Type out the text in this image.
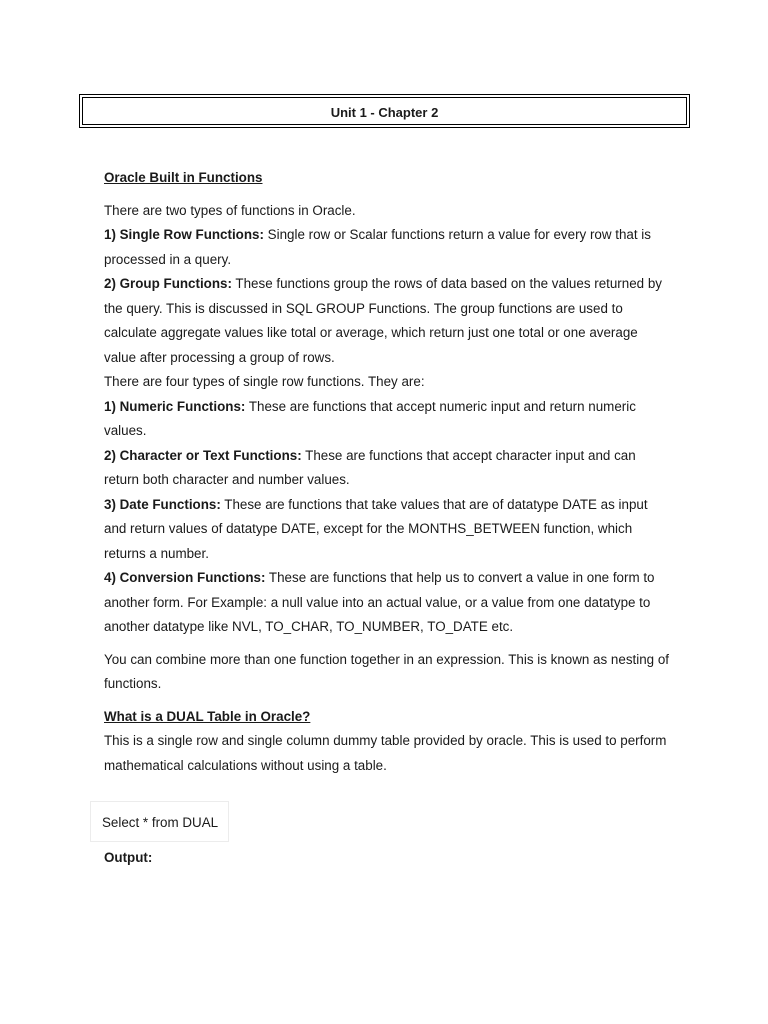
Unit 1 - Chapter 2

Oracle Built in Functions

There are two types of functions in Oracle.

1) Single Row Functions: Single row or Scalar functions return a value for every row that is processed in a query.

2) Group Functions: These functions group the rows of data based on the values returned by the query. This is discussed in SQL GROUP Functions. The group functions are used to calculate aggregate values like total or average, which return just one total or one average value after processing a group of rows.

There are four types of single row functions. They are:

1) Numeric Functions: These are functions that accept numeric input and return numeric values.

2) Character or Text Functions: These are functions that accept character input and can return both character and number values.

3) Date Functions: These are functions that take values that are of datatype DATE as input and return values of datatype DATE, except for the MONTHS_BETWEEN function, which returns a number.

4) Conversion Functions: These are functions that help us to convert a value in one form to another form. For Example: a null value into an actual value, or a value from one datatype to another datatype like NVL, TO_CHAR, TO_NUMBER, TO_DATE etc.

You can combine more than one function together in an expression. This is known as nesting of functions.

What is a DUAL Table in Oracle?

This is a single row and single column dummy table provided by oracle. This is used to perform mathematical calculations without using a table.

Select * from DUAL
Output:
